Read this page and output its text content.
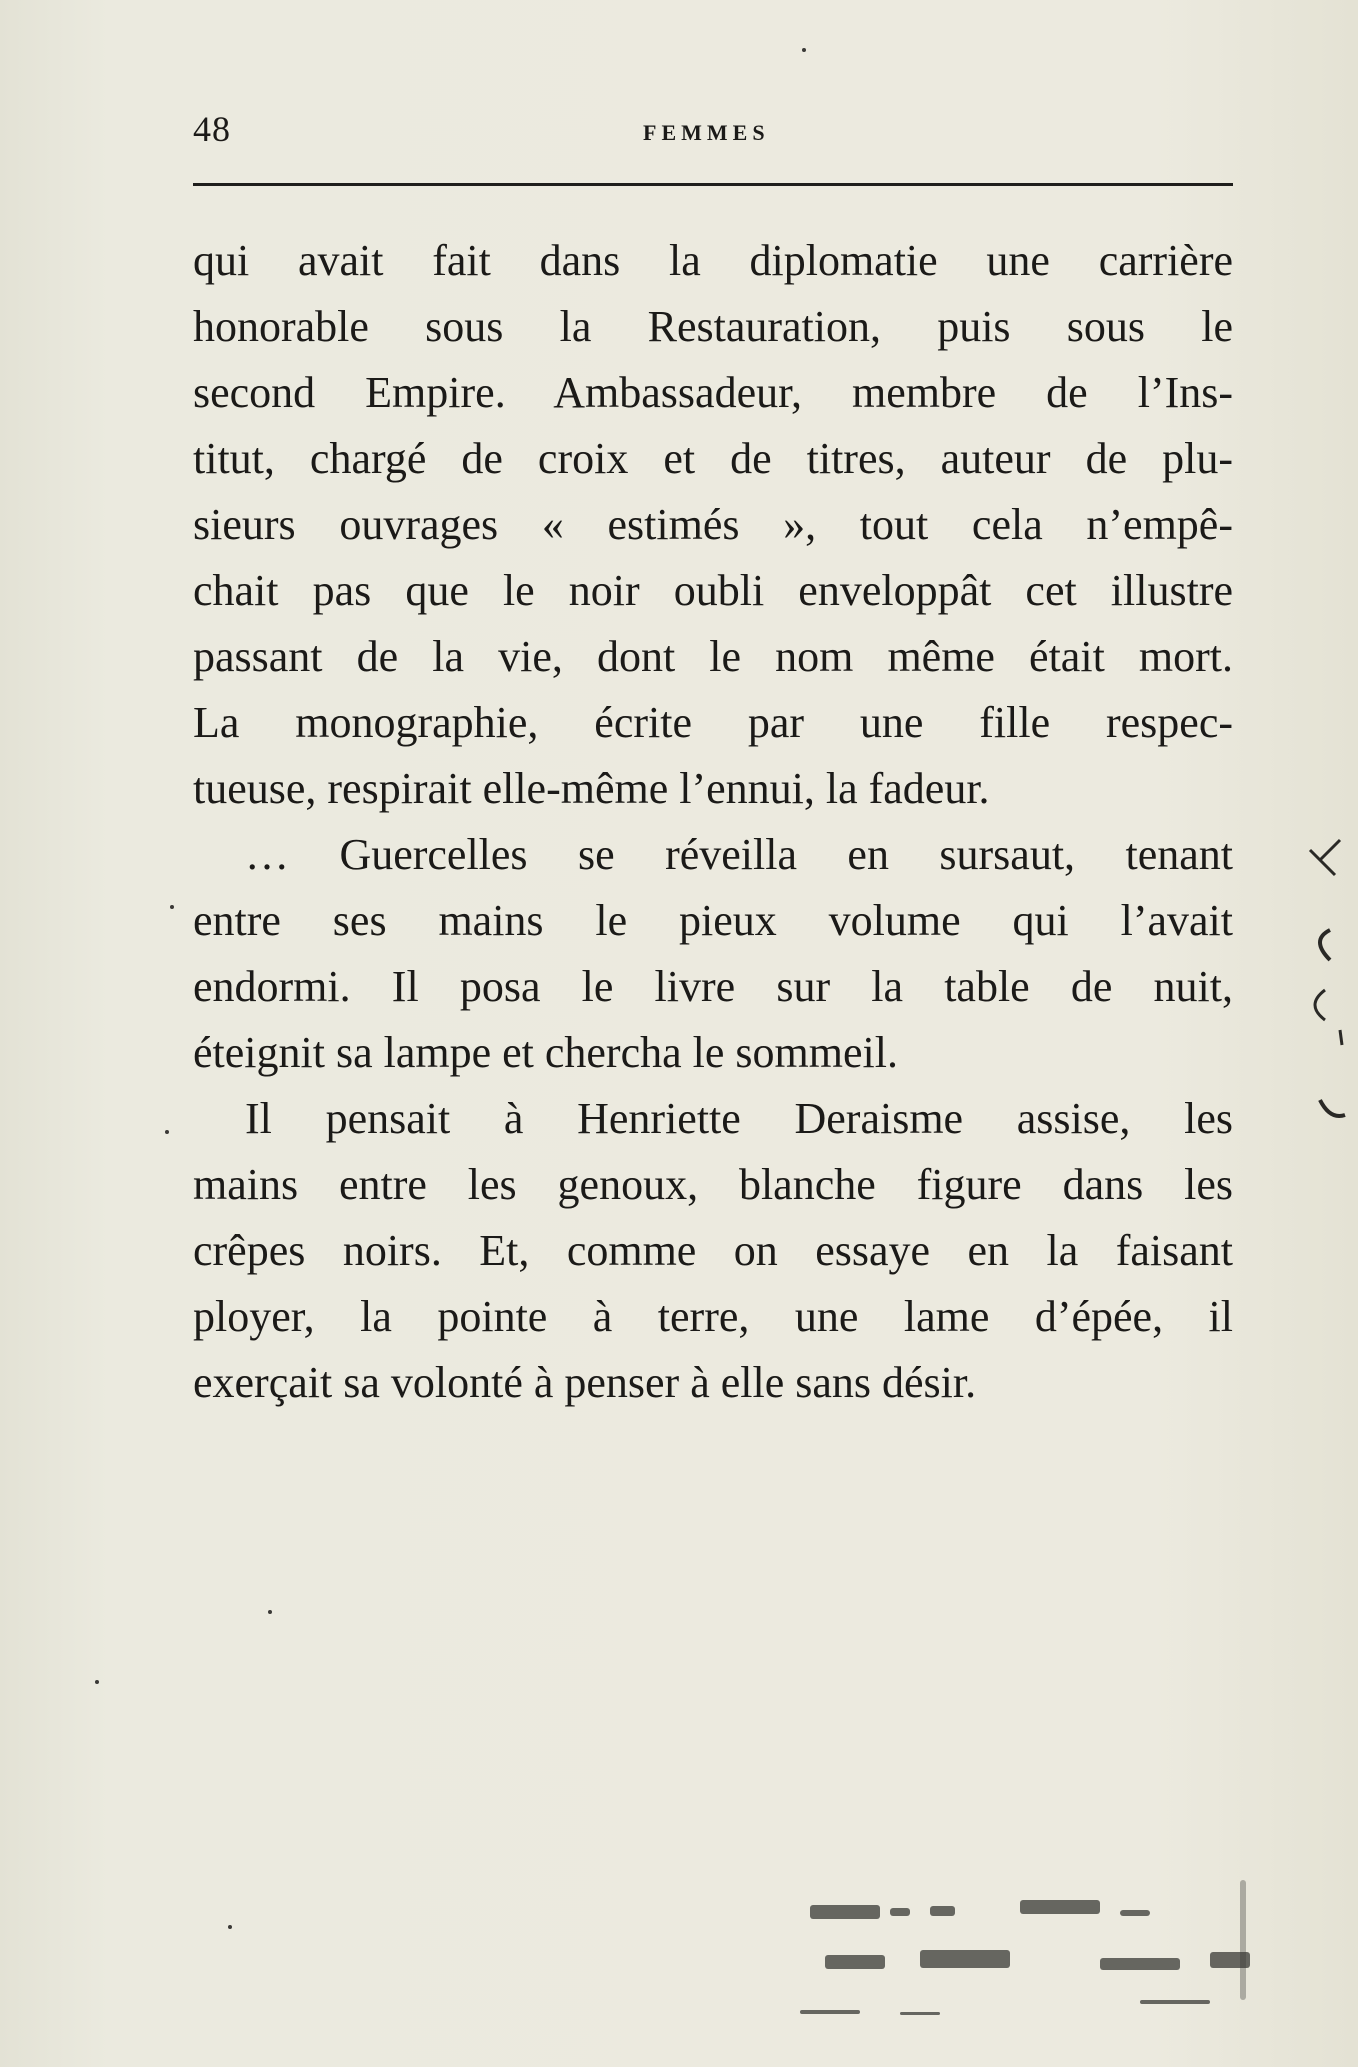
48	FEMMES
qui avait fait dans la diplomatie une carrière
honorable sous la Restauration, puis sous le
second Empire. Ambassadeur, membre de l’Ins-
titut, chargé de croix et de titres, auteur de plu-
sieurs ouvrages « estimés », tout cela n’empê-
chait pas que le noir oubli enveloppât cet illustre
passant de la vie, dont le nom même était mort.
La monographie, écrite par une fille respec-
tueuse, respirait elle-même l’ennui, la fadeur.
… Guercelles se réveilla en sursaut, tenant
entre ses mains le pieux volume qui l’avait
endormi. Il posa le livre sur la table de nuit,
éteignit sa lampe et chercha le sommeil.
Il pensait à Henriette Deraisme assise, les
mains entre les genoux, blanche figure dans les
crêpes noirs. Et, comme on essaye en la faisant
ployer, la pointe à terre, une lame d’épée, il
exerçait sa volonté à penser à elle sans désir.
